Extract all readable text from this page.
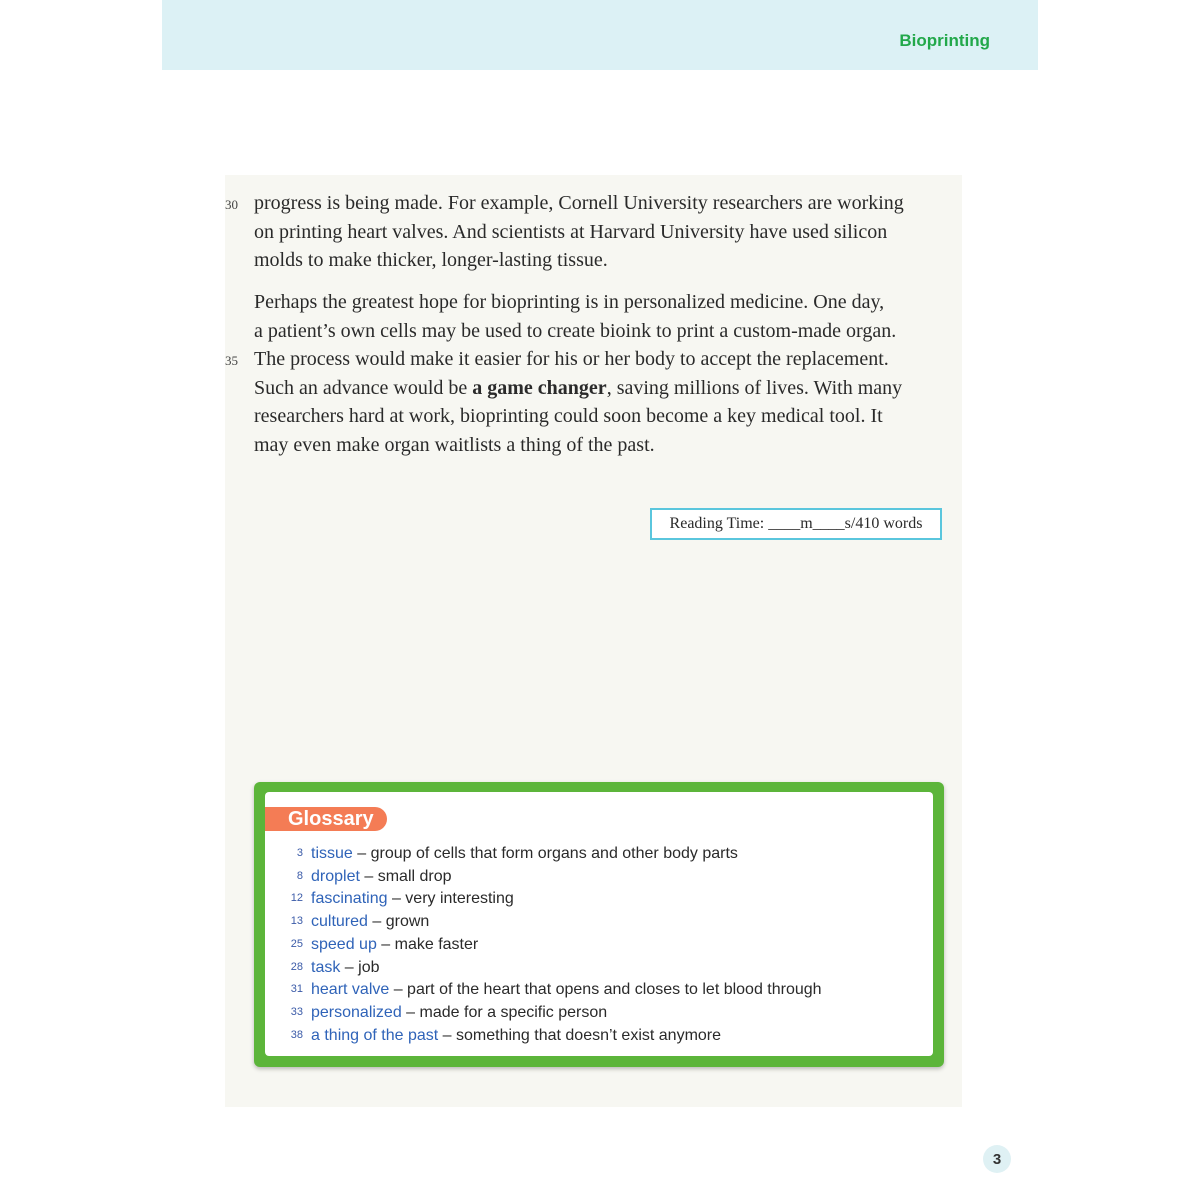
Bioprinting
30 progress is being made. For example, Cornell University researchers are working
on printing heart valves. And scientists at Harvard University have used silicon
molds to make thicker, longer-lasting tissue.
35
Perhaps the greatest hope for bioprinting is in personalized medicine. One day,
a patient’s own cells may be used to create bioink to print a custom-made organ.
The process would make it easier for his or her body to accept the replacement.
Such an advance would be a game changer, saving millions of lives. With many
researchers hard at work, bioprinting could soon become a key medical tool. It
may even make organ waitlists a thing of the past.
Reading Time: ____m____s/410 words
Glossary
3 tissue – group of cells that form organs and other body parts
8 droplet – small drop
12 fascinating – very interesting
13 cultured – grown
25 speed up – make faster
28 task – job
31 heart valve – part of the heart that opens and closes to let blood through
33 personalized – made for a specific person
38 a thing of the past – something that doesn’t exist anymore
3
